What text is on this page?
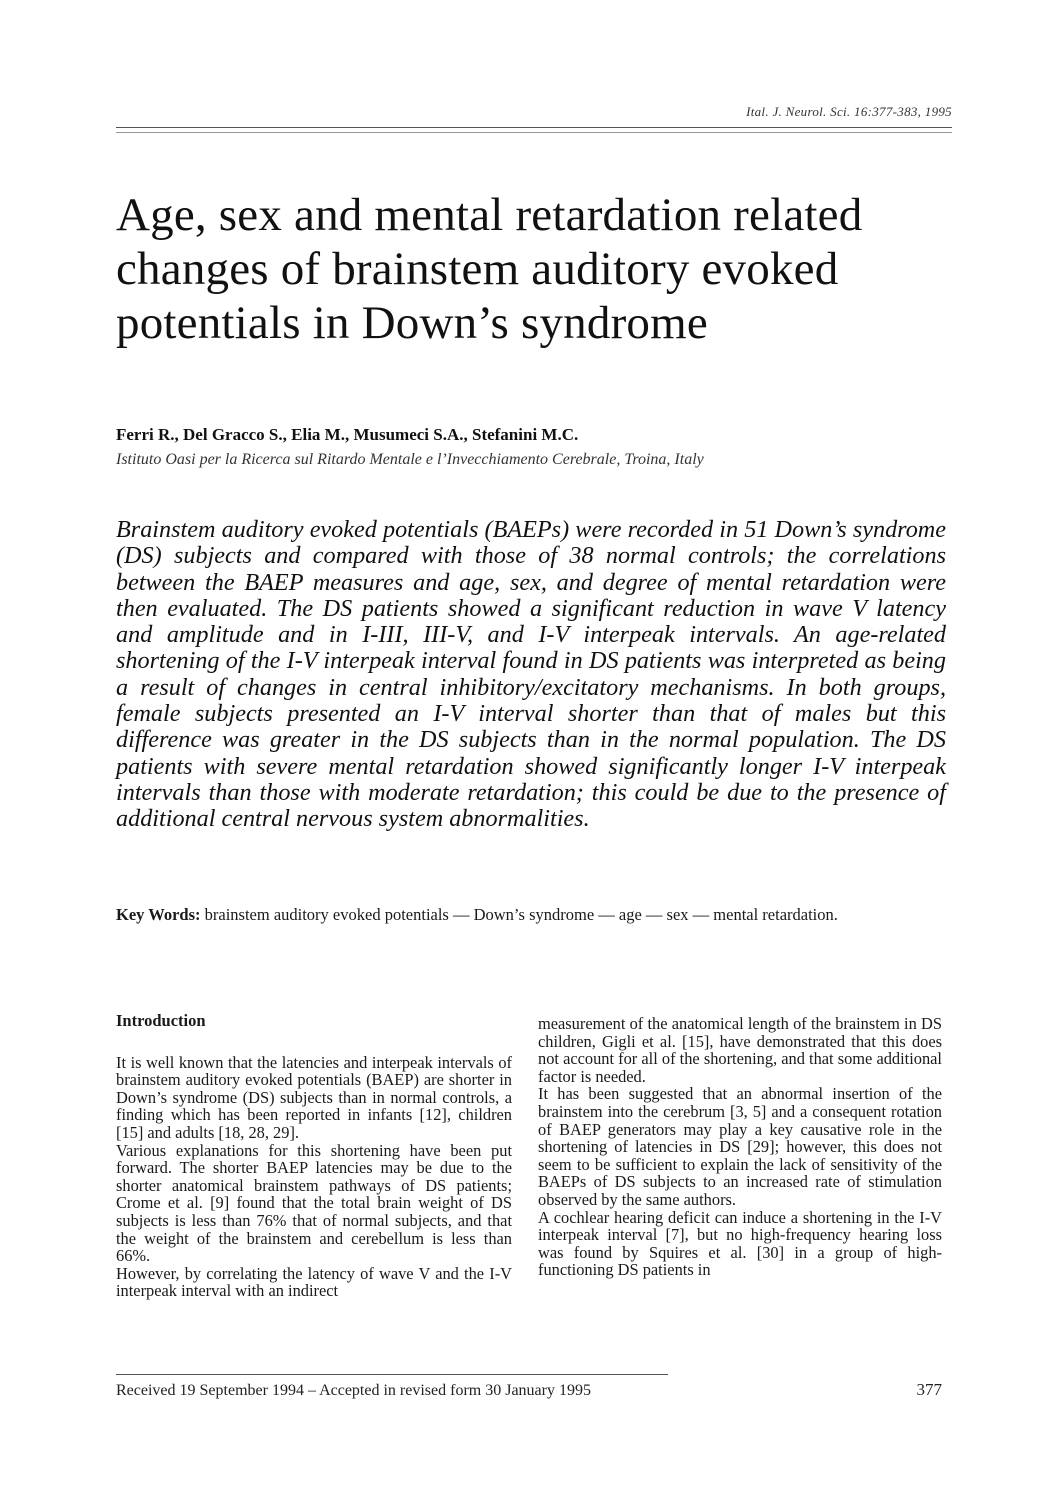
Ital. J. Neurol. Sci. 16:377-383, 1995
Age, sex and mental retardation related changes of brainstem auditory evoked potentials in Down’s syndrome
Ferri R., Del Gracco S., Elia M., Musumeci S.A., Stefanini M.C.
Istituto Oasi per la Ricerca sul Ritardo Mentale e l’Invecchiamento Cerebrale, Troina, Italy

Brainstem auditory evoked potentials (BAEPs) were recorded in 51 Down’s syndrome (DS) subjects and compared with those of 38 normal controls; the correlations between the BAEP measures and age, sex, and degree of mental retardation were then evaluated. The DS patients showed a significant reduction in wave V latency and amplitude and in I-III, III-V, and I-V interpeak intervals. An age-related shortening of the I-V interpeak interval found in DS patients was interpreted as being a result of changes in central inhibitory/excitatory mechanisms. In both groups, female subjects presented an I-V interval shorter than that of males but this difference was greater in the DS subjects than in the normal population. The DS patients with severe mental retardation showed significantly longer I-V interpeak intervals than those with moderate retardation; this could be due to the presence of additional central nervous system abnormalities.

Key Words: brainstem auditory evoked potentials — Down’s syndrome — age — sex — mental retardation.

Introduction

It is well known that the latencies and interpeak intervals of brainstem auditory evoked potentials (BAEP) are shorter in Down’s syndrome (DS) subjects than in normal controls, a finding which has been reported in infants [12], children [15] and adults [18, 28, 29].

Various explanations for this shortening have been put forward. The shorter BAEP latencies may be due to the shorter anatomical brainstem pathways of DS patients; Crome et al. [9] found that the total brain weight of DS subjects is less than 76% that of normal subjects, and that the weight of the brainstem and cerebellum is less than 66%.

However, by correlating the latency of wave V and the I-V interpeak interval with an indirect

measurement of the anatomical length of the brainstem in DS children, Gigli et al. [15], have demonstrated that this does not account for all of the shortening, and that some additional factor is needed.

It has been suggested that an abnormal insertion of the brainstem into the cerebrum [3, 5] and a consequent rotation of BAEP generators may play a key causative role in the shortening of latencies in DS [29]; however, this does not seem to be sufficient to explain the lack of sensitivity of the BAEPs of DS subjects to an increased rate of stimulation observed by the same authors.

A cochlear hearing deficit can induce a shortening in the I-V interpeak interval [7], but no high-frequency hearing loss was found by Squires et al. [30] in a group of high-functioning DS patients in

Received 19 September 1994 – Accepted in revised form 30 January 1995	377
